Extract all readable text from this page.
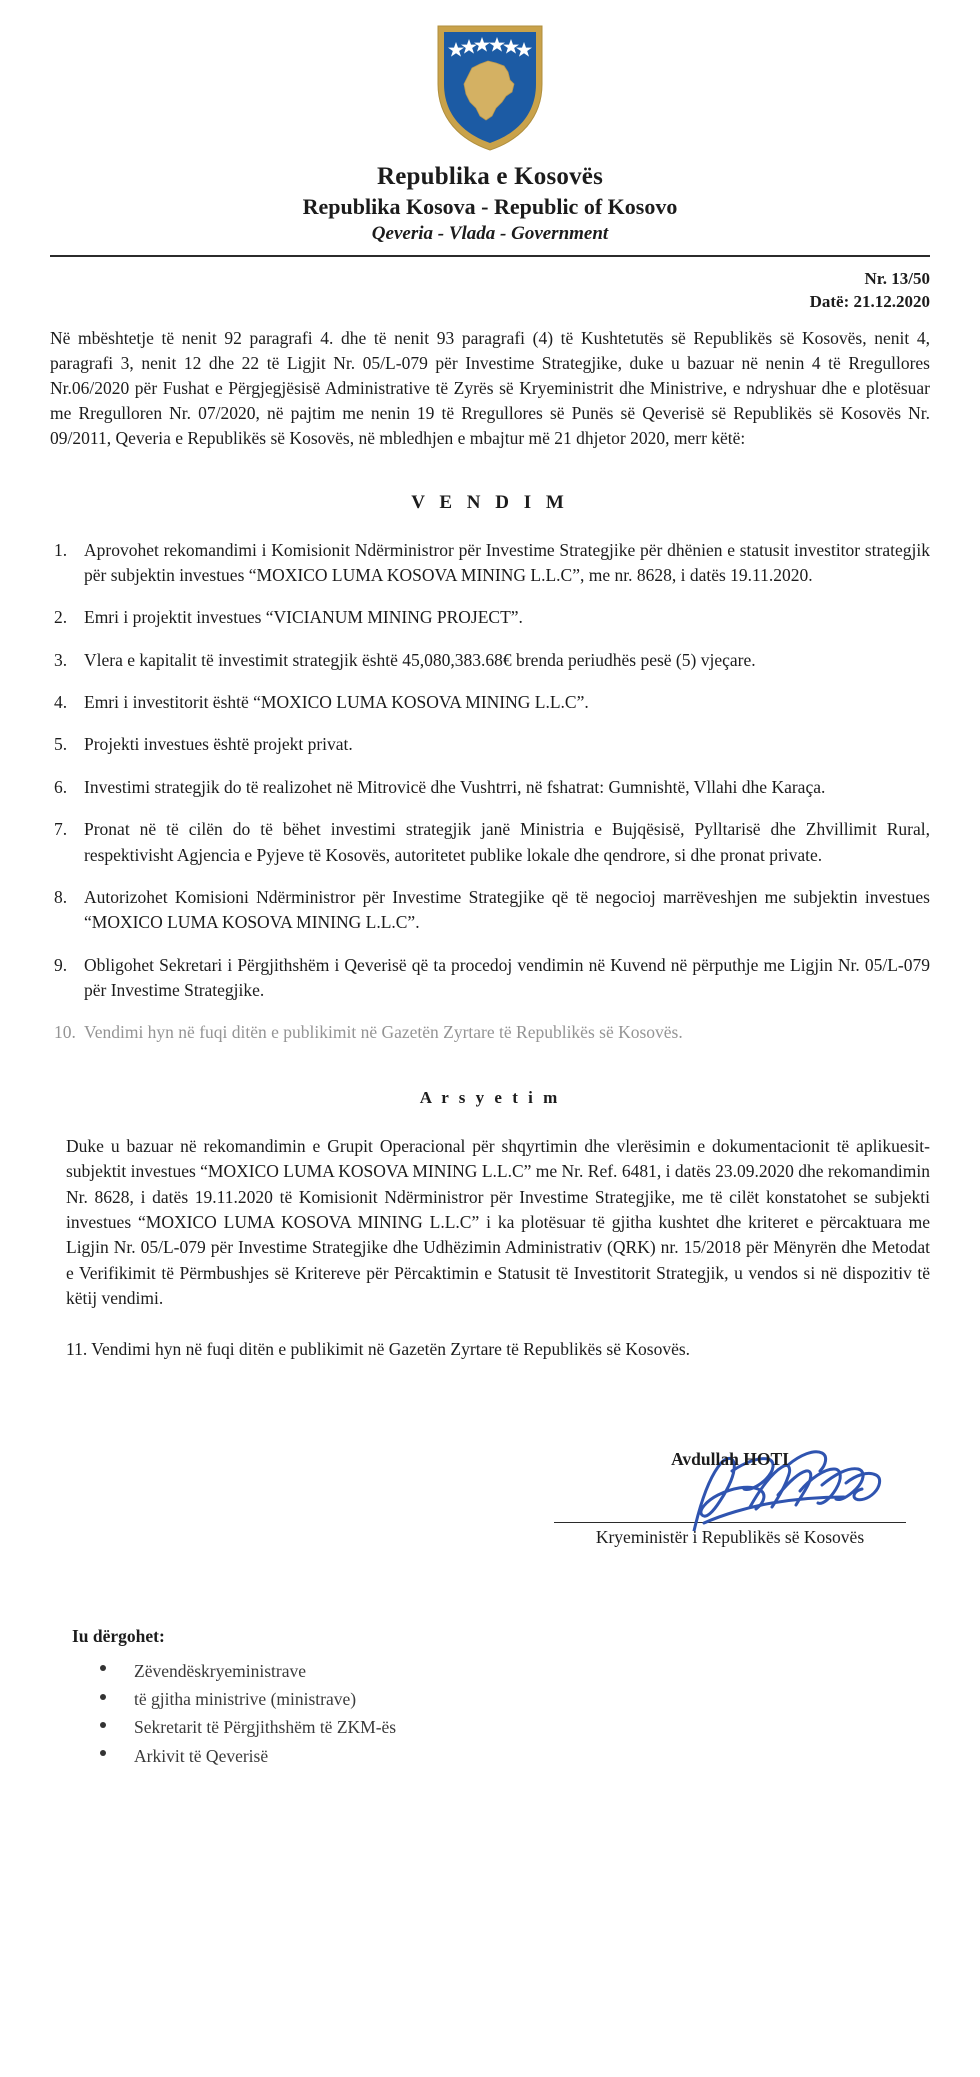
Republika e Kosovës
Republika Kosova - Republic of Kosovo
Qeveria - Vlada - Government
Nr. 13/50
Datë: 21.12.2020

Në mbështetje të nenit 92 paragrafi 4. dhe të nenit 93 paragrafi (4) të Kushtetutës së Republikës së Kosovës, nenit 4, paragrafi 3, nenit 12 dhe 22 të Ligjit Nr. 05/L-079 për Investime Strategjike, duke u bazuar në nenin 4 të Rregullores Nr.06/2020 për Fushat e Përgjegjësisë Administrative të Zyrës së Kryeministrit dhe Ministrive, e ndryshuar dhe e plotësuar me Rregulloren Nr. 07/2020, në pajtim me nenin 19 të Rregullores së Punës së Qeverisë së Republikës së Kosovës Nr. 09/2011, Qeveria e Republikës së Kosovës, në mbledhjen e mbajtur më 21 dhjetor 2020, merr këtë:

V E N D I M
1. Aprovohet rekomandimi i Komisionit Ndërministror për Investime Strategjike për dhënien e statusit investitor strategjik për subjektin investues “MOXICO LUMA KOSOVA MINING L.L.C”, me nr. 8628, i datës 19.11.2020.
2. Emri i projektit investues “VICIANUM MINING PROJECT”.
3. Vlera e kapitalit të investimit strategjik është 45,080,383.68€ brenda periudhës pesë (5) vjeçare.
4. Emri i investitorit është “MOXICO LUMA KOSOVA MINING L.L.C”.
5. Projekti investues është projekt privat.
6. Investimi strategjik do të realizohet në Mitrovicë dhe Vushtrri, në fshatrat: Gumnishtë, Vllahi dhe Karaça.
7. Pronat në të cilën do të bëhet investimi strategjik janë Ministria e Bujqësisë, Pylltarisë dhe Zhvillimit Rural, respektivisht Agjencia e Pyjeve të Kosovës, autoritetet publike lokale dhe qendrore, si dhe pronat private.
8. Autorizohet Komisioni Ndërministror për Investime Strategjike që të negocioj marrëveshjen me subjektin investues “MOXICO LUMA KOSOVA MINING L.L.C”.
9. Obligohet Sekretari i Përgjithshëm i Qeverisë që ta procedoj vendimin në Kuvend në përputhje me Ligjin Nr. 05/L-079 për Investime Strategjike.
10. Vendimi hyn në fuqi ditën e publikimit në Gazetën Zyrtare të Republikës së Kosovës.
A r s y e t i m

Duke u bazuar në rekomandimin e Grupit Operacional për shqyrtimin dhe vlerësimin e dokumentacionit të aplikuesit-subjektit investues “MOXICO LUMA KOSOVA MINING L.L.C” me Nr. Ref. 6481, i datës 23.09.2020 dhe rekomandimin Nr. 8628, i datës 19.11.2020 të Komisionit Ndërministror për Investime Strategjike, me të cilët konstatohet se subjekti investues “MOXICO LUMA KOSOVA MINING L.L.C” i ka plotësuar të gjitha kushtet dhe kriteret e përcaktuara me Ligjin Nr. 05/L-079 për Investime Strategjike dhe Udhëzimin Administrativ (QRK) nr. 15/2018 për Mënyrën dhe Metodat e Verifikimit të Përmbushjes së Kritereve për Përcaktimin e Statusit të Investitorit Strategjik, u vendos si në dispozitiv të këtij vendimi.

11. Vendimi hyn në fuqi ditën e publikimit në Gazetën Zyrtare të Republikës së Kosovës.

Avdullah HOTI
Kryeministër i Republikës së Kosovës
Iu dërgohet:
Zëvendëskryeministrave
të gjitha ministrive (ministrave)
Sekretarit të Përgjithshëm të ZKM-ës
Arkivit të Qeverisë
